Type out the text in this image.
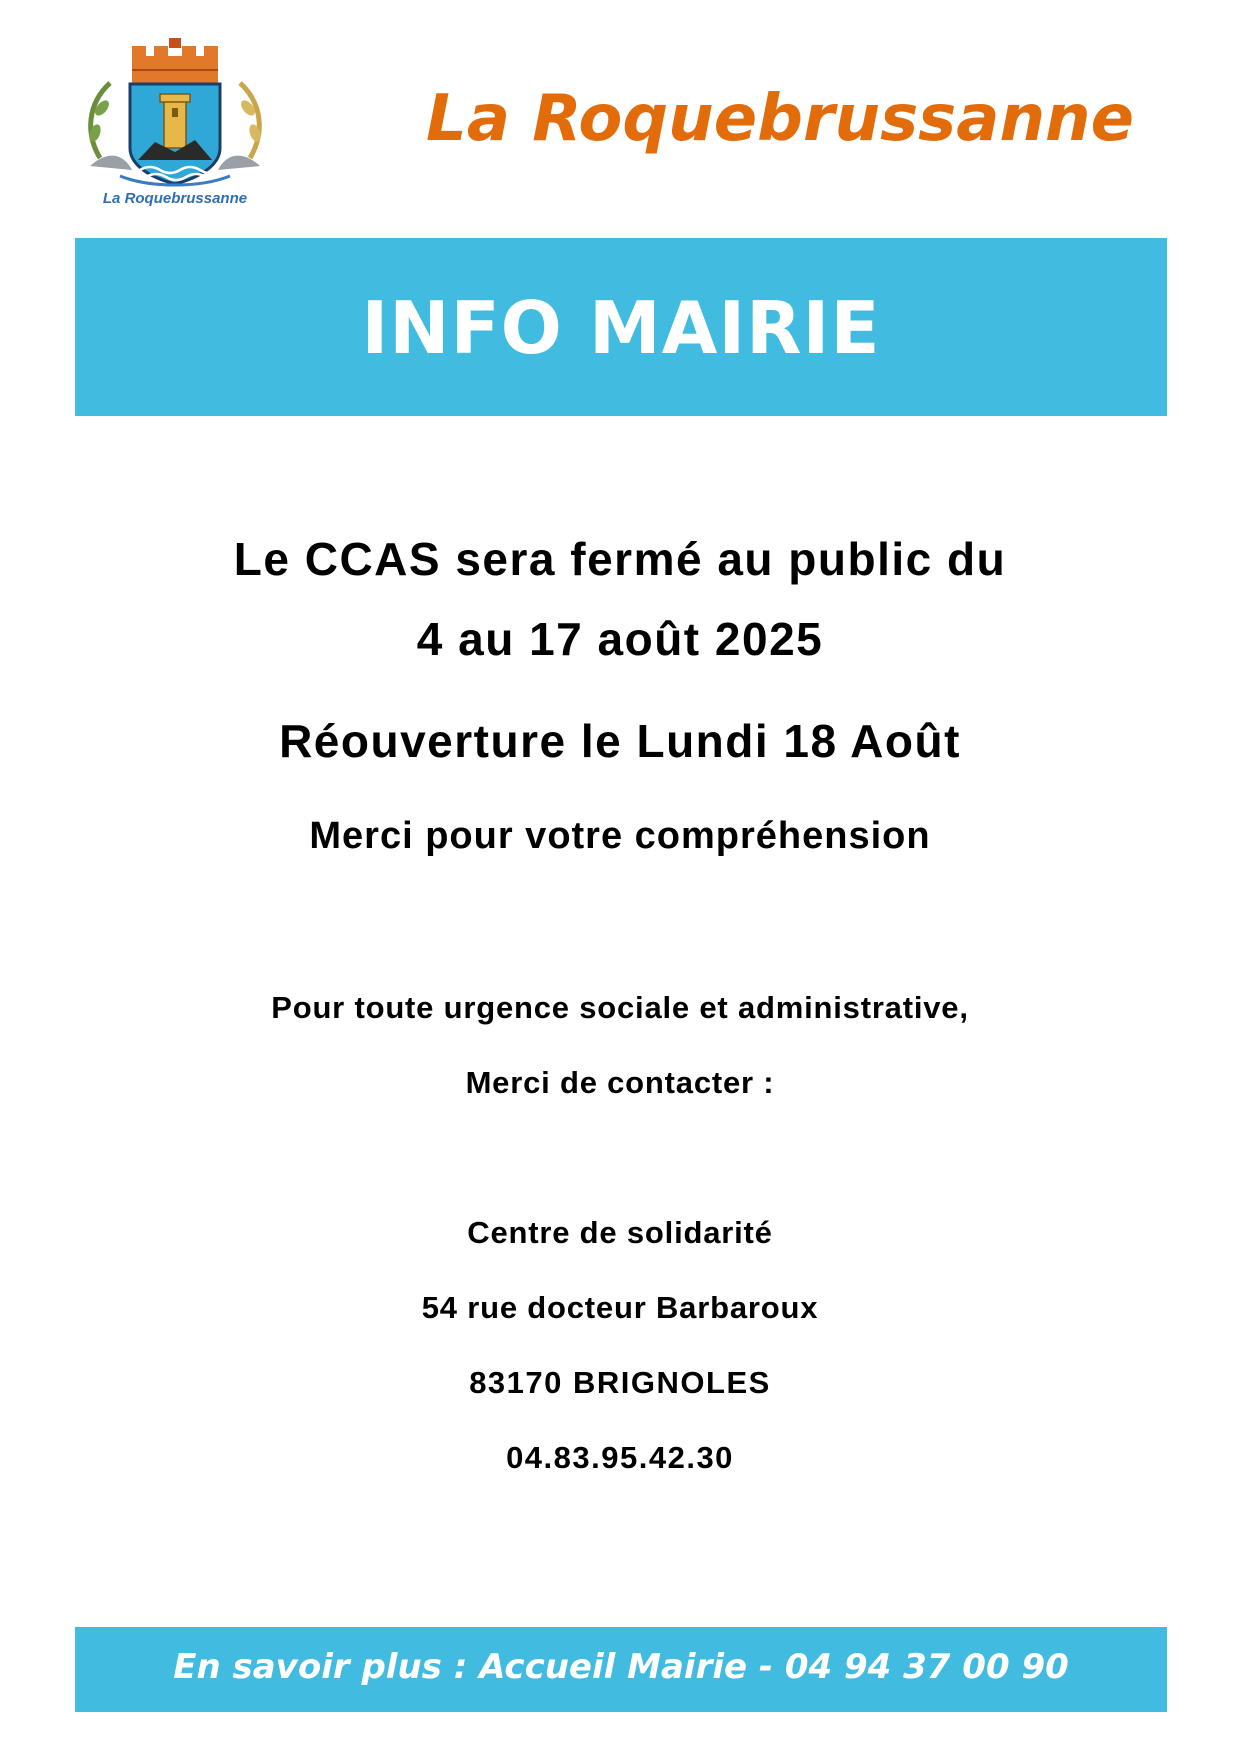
La Roquebrussanne
La Roquebrussanne
INFO MAIRIE
Le CCAS sera fermé au public du
4 au 17 août 2025
Réouverture le Lundi 18 Août
Merci pour votre compréhension
Pour toute urgence sociale et administrative,
Merci de contacter :
Centre de solidarité
54 rue docteur Barbaroux
83170 BRIGNOLES
04.83.95.42.30
En savoir plus : Accueil Mairie - 04 94 37 00 90
